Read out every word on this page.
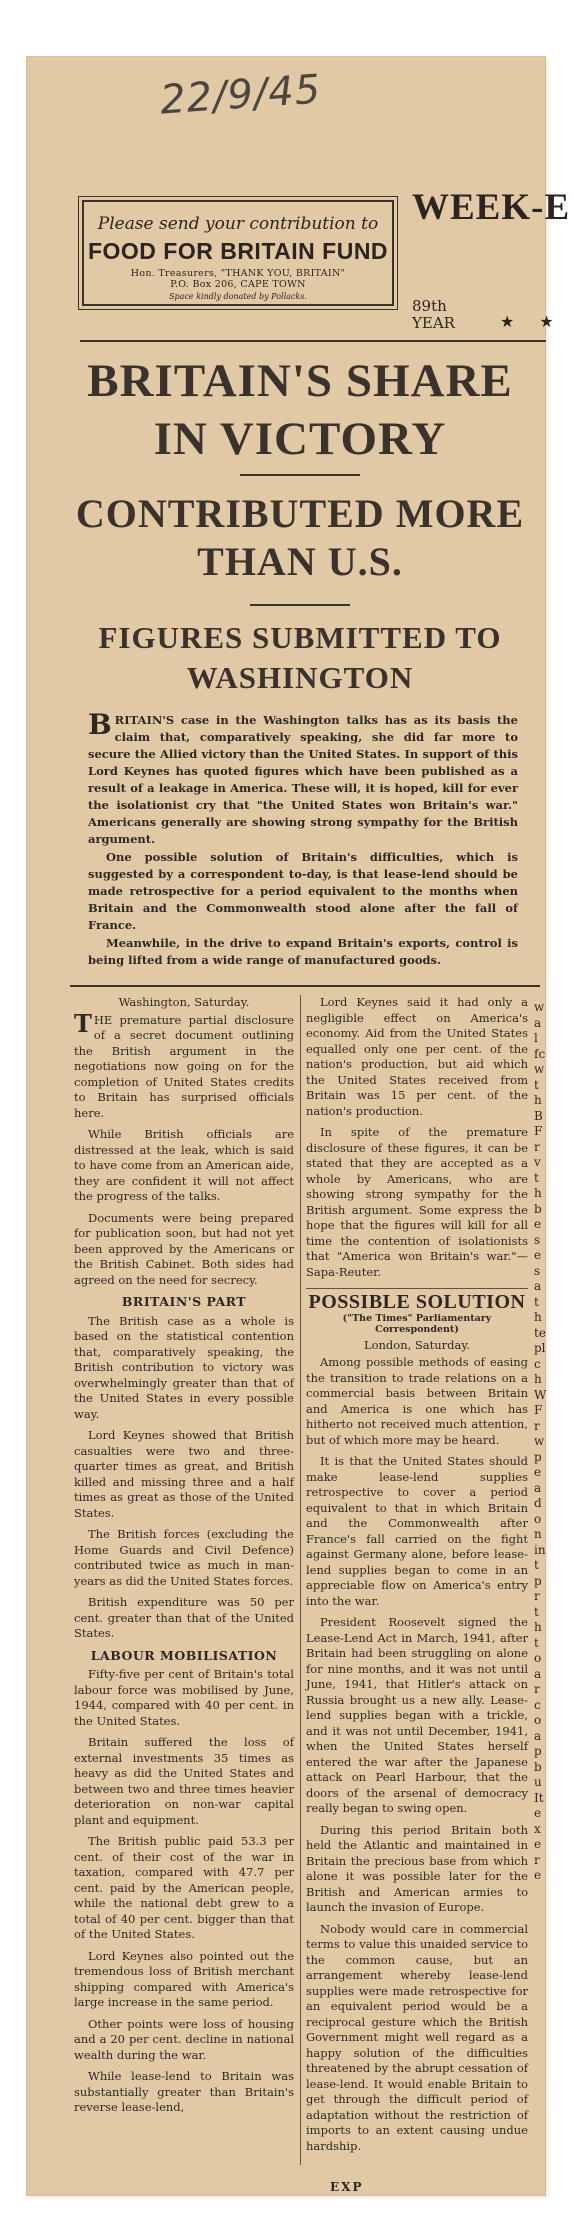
22/9/45
Please send your contribution to
FOOD FOR BRITAIN FUND
Hon. Treasurers, "THANK YOU, BRITAIN"
P.O. Box 206, CAPE TOWN
Space kindly donated by Pollacks.
WEEK-E
89th
YEAR	★ ★
BRITAIN'S SHARE
IN VICTORY
CONTRIBUTED MORE
THAN U.S.
FIGURES SUBMITTED TO
WASHINGTON

BRITAIN'S case in the Washington talks has as its basis the claim that, comparatively speaking, she did far more to secure the Allied victory than the United States. In support of this Lord Keynes has quoted figures which have been published as a result of a leakage in America. These will, it is hoped, kill for ever the isolationist cry that "the United States won Britain's war." Americans generally are showing strong sympathy for the British argument.

One possible solution of Britain's difficulties, which is suggested by a correspondent to-day, is that lease-lend should be made retrospective for a period equivalent to the months when Britain and the Commonwealth stood alone after the fall of France.

Meanwhile, in the drive to expand Britain's exports, control is being lifted from a wide range of manufactured goods.

Washington, Saturday.

THE premature partial disclosure of a secret document outlining the British argument in the negotiations now going on for the completion of United States credits to Britain has surprised officials here.

While British officials are distressed at the leak, which is said to have come from an American aide, they are confident it will not affect the progress of the talks.

Documents were being prepared for publication soon, but had not yet been approved by the Americans or the British Cabinet. Both sides had agreed on the need for secrecy.

BRITAIN'S PART

The British case as a whole is based on the statistical contention that, comparatively speaking, the British contribution to victory was overwhelmingly greater than that of the United States in every possible way.

Lord Keynes showed that British casualties were two and three-quarter times as great, and British killed and missing three and a half times as great as those of the United States.

The British forces (excluding the Home Guards and Civil Defence) contributed twice as much in man-years as did the United States forces.

British expenditure was 50 per cent. greater than that of the United States.

LABOUR MOBILISATION

Fifty-five per cent of Britain's total labour force was mobilised by June, 1944, compared with 40 per cent. in the United States.

Britain suffered the loss of external investments 35 times as heavy as did the United States and between two and three times heavier deterioration on non-war capital plant and equipment.

The British public paid 53.3 per cent. of their cost of the war in taxation, compared with 47.7 per cent. paid by the American people, while the national debt grew to a total of 40 per cent. bigger than that of the United States.

Lord Keynes also pointed out the tremendous loss of British merchant shipping compared with America's large increase in the same period.

Other points were loss of housing and a 20 per cent. decline in national wealth during the war.

While lease-lend to Britain was substantially greater than Britain's reverse lease-lend,

Lord Keynes said it had only a negligible effect on America's economy. Aid from the United States equalled only one per cent. of the nation's production, but aid which the United States received from Britain was 15 per cent. of the nation's production.

In spite of the premature disclosure of these figures, it can be stated that they are accepted as a whole by Americans, who are showing strong sympathy for the British argument. Some express the hope that the figures will kill for all time the contention of isolationists that "America won Britain's war."—Sapa-Reuter.

POSSIBLE SOLUTION

("The Times" Parliamentary Correspondent)

London, Saturday.

Among possible methods of easing the transition to trade relations on a commercial basis between Britain and America is one which has hitherto not received much attention, but of which more may be heard.

It is that the United States should make lease-lend supplies retrospective to cover a period equivalent to that in which Britain and the Commonwealth after France's fall carried on the fight against Germany alone, before lease-lend supplies began to come in an appreciable flow on America's entry into the war.

President Roosevelt signed the Lease-Lend Act in March, 1941, after Britain had been struggling on alone for nine months, and it was not until June, 1941, that Hitler's attack on Russia brought us a new ally. Lease-lend supplies began with a trickle, and it was not until December, 1941, when the United States herself entered the war after the Japanese attack on Pearl Harbour, that the doors of the arsenal of democracy really began to swing open.

During this period Britain both held the Atlantic and maintained in Britain the precious base from which alone it was possible later for the British and American armies to launch the invasion of Europe.

Nobody would care in commercial terms to value this unaided service to the common cause, but an arrangement whereby lease-lend supplies were made retrospective for an equivalent period would be a reciprocal gesture which the British Government might well regard as a happy solution of the difficulties threatened by the abrupt cessation of lease-lend. It would enable Britain to get through the difficult period of adaptation without the restriction of imports to an extent causing undue hardship.

w
a
l
fc
w
th
B
Fr
v
th
be
se
sa
th
te
pl
ch
W
Fr
w
pe
ad
on
int
pr
th
to
ar
co
ap
bu
It
ex
ere
EXP
